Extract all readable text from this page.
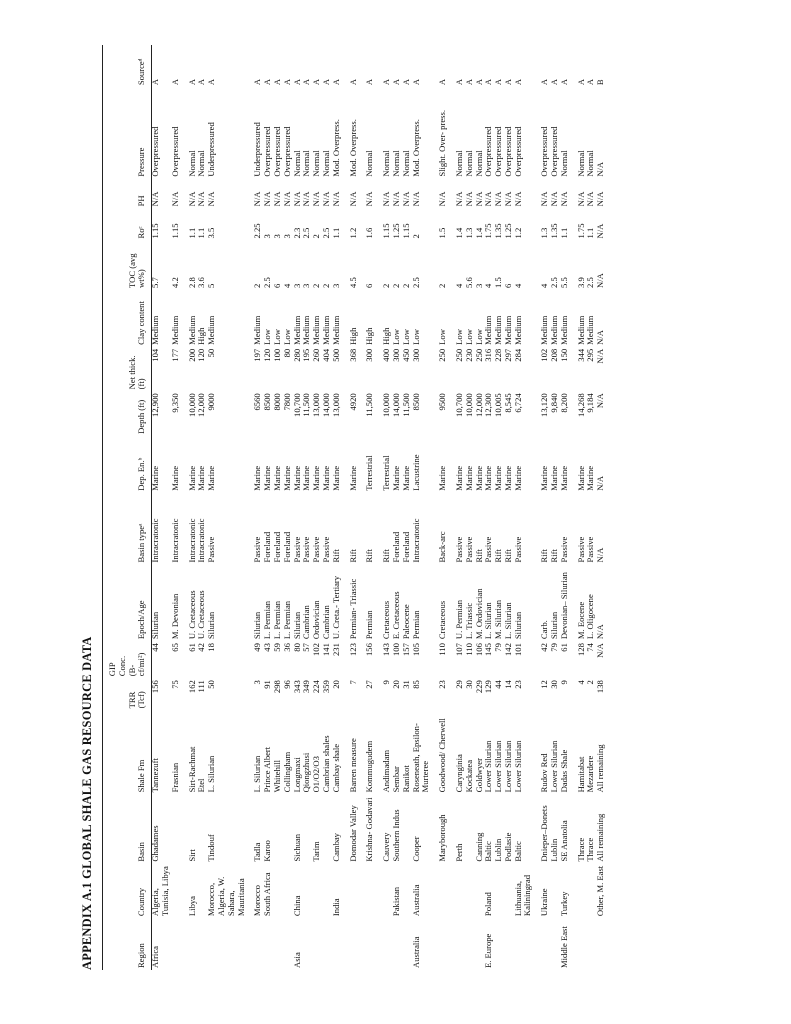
APPENDIX A.1 GLOBAL SHALE GAS RESOURCE DATA	Region	Country	Basin	Shale Fm	TRR (Tcf)	GIP Conc. (B-cf/mi²)	Epoch/Age	Basin typeᵃ	Dep. En.ᵇ	Depth (ft)	Net thick. (ft)	Clay content	TOC (avg wt%)	Roᶜ	PH	Pressure	Sourceᵈ
Africa	Algeria, Tunisia, Libya	Ghadames	Tannezuft	156	44	Silurian	Intracratonic	Marine	12,900	104	Medium	5.7	1.15	N/A	Overpressured	A
			Frasnian	75	65	M. Devonian	Intracratonic	Marine	9,350	177	Medium	4.2	1.15	N/A	Overpressured	A
	Libya	Sirt	Sirt-Rachmat	162	61	U. Cretaceous	Intracratonic	Marine	10,000	200	Medium	2.8	1.1	N/A	Normal	A
			Etel	111	42	U. Cretaceous	Intracratonic	Marine	12,000	120	High	3.6	1.1	N/A	Normal	A
	Morocco, Algeria, W. Sahara, Mauritania	Tindouf	L. Silurian	50	18	Silurian	Passive	Marine	9000	50	Medium	5	3.5	N/A	Underpressured	A
	Morocco	Tadla	L. Silurian	3	49	Silurian	Passive	Marine	6560	197	Medium	2	2.25	N/A	Underpressured	A
	South Africa	Karoo	Prince Albert	91	43	L. Permian	Foreland	Marine	8500	120	Low	2.5	3	N/A	Overpressured	A
			Whitehill	298	59	L. Permian	Foreland	Marine	8000	100	Low	6	3	N/A	Overpressured	A
			Collingham	96	36	L. Permian	Foreland	Marine	7800	80	Low	4	3	N/A	Overpressured	A
Asia	China	Sichuan	Longmaxi	343	80	Silurian	Passive	Marine	10,700	280	Medium	3	2.3	N/A	Normal	A
			Qiongzhusi	349	57	Cambrian	Passive	Marine	11,500	195	Medium	3	2.5	N/A	Normal	A
		Tarim	O1/O2/O3	224	102	Ordovician	Passive	Marine	13,000	260	Medium	2	2	N/A	Normal	A
			Cambrian shales	359	141	Cambrian	Passive	Marine	14,000	404	Medium	2	2.5	N/A	Normal	A
	India	Cambay	Cambay shale	20	231	U. Creta.- Tertiary	Rift	Marine	13,000	500	Medium	3	1.1	N/A	Mod. Overpress.	A
		Domodar Valley	Barren measure	7	123	Permian- Triassic	Rift	Marine	4920	368	High	4.5	1.2	N/A	Mod. Overpress.	A
		Krishna- Godavari	Kommugudem	27	156	Permian	Rift	Terrestrial	11,500	300	High	6	1.6	N/A	Normal	A
		Cauvery	Andimadam	9	143	Cretaceous	Rift	Terrestrial	10,000	400	High	2	1.15	N/A	Normal	A
	Pakistan	Southern Indus	Sembar	20	100	E. Cretaceous	Foreland	Marine	14,000	300	Low	2	1.25	N/A	Normal	A
			Ranikot	31	157	Paleocene	Foreland	Marine	11,500	450	Low	2	1.15	N/A	Normal	A
Australia	Australia	Cooper	Roseneath, Epsilon-Murteree	85	105	Permian	Intracratonic	Lacustrine	8500	300	Low	2.5	2	N/A	Mod. Overpress.	A
		Maryborough	Goodwood/ Cherwell	23	110	Cretaceous	Back-arc	Marine	9500	250	Low	2	1.5	N/A	Slight. Over- press.	A
		Perth	Carynginia	29	107	U. Permian	Passive	Marine	10,700	250	Low	4	1.4	N/A	Normal	A
			Kockatea	30	110	L. Triassic	Passive	Marine	10,000	230	Low	5.6	1.3	N/A	Normal	A
		Canning	Goldwyer	229	106	M. Ordovician	Rift	Marine	12,000	250	Low	3	1.4	N/A	Normal	A
E. Europe	Poland	Baltic	Lower Silurian	129	145	L. Silurian	Passive	Marine	12,300	316	Medium	4	1.75	N/A	Overpressured	A
		Lublin	Lower Silurian	44	79	M. Silurian	Rift	Marine	10,005	228	Medium	1.5	1.35	N/A	Overpressured	A
		Podlasie	Lower Silurian	14	142	L. Silurian	Rift	Marine	8,545	297	Medium	6	1.25	N/A	Overpressured	A
	Lithuania, Kaliningrad	Baltic	Lower Silurian	23	101	Silurian	Passive	Marine	6,724	284	Medium	4	1.2	N/A	Overpressured	A
	Ukraine	Dnieper–Donets	Rudov Red	12	42	Carb.	Rift	Marine	13,120	102	Medium	4	1.3	N/A	Overpressured	A
		Lublin	Lower Silurian	30	79	Silurian	Rift	Marine	9,840	208	Medium	2.5	1.35	N/A	Overpressured	A
Middle East	Turkey	SE Anatolia	Dadas Shale	9	61	Devonian– Silurian	Passive	Marine	8,200	150	Medium	5.5	1.1	N/A	Normal	A
		Thrace	Hamitabat	4	128	M. Eocene	Passive	Marine	14,268	344	Medium	3.9	1.75	N/A	Normal	A
		Thrace	Mezardere	2	74	L. Oligocene	Passive	Marine	9,184	295	Medium	2.5	1.1	N/A	Normal	A
	Other, M. East	All remaining	All remaining	138	N/A	N/A	N/A	N/A	N/A	N/A	N/A	N/A	N/A	N/A	N/A	B
